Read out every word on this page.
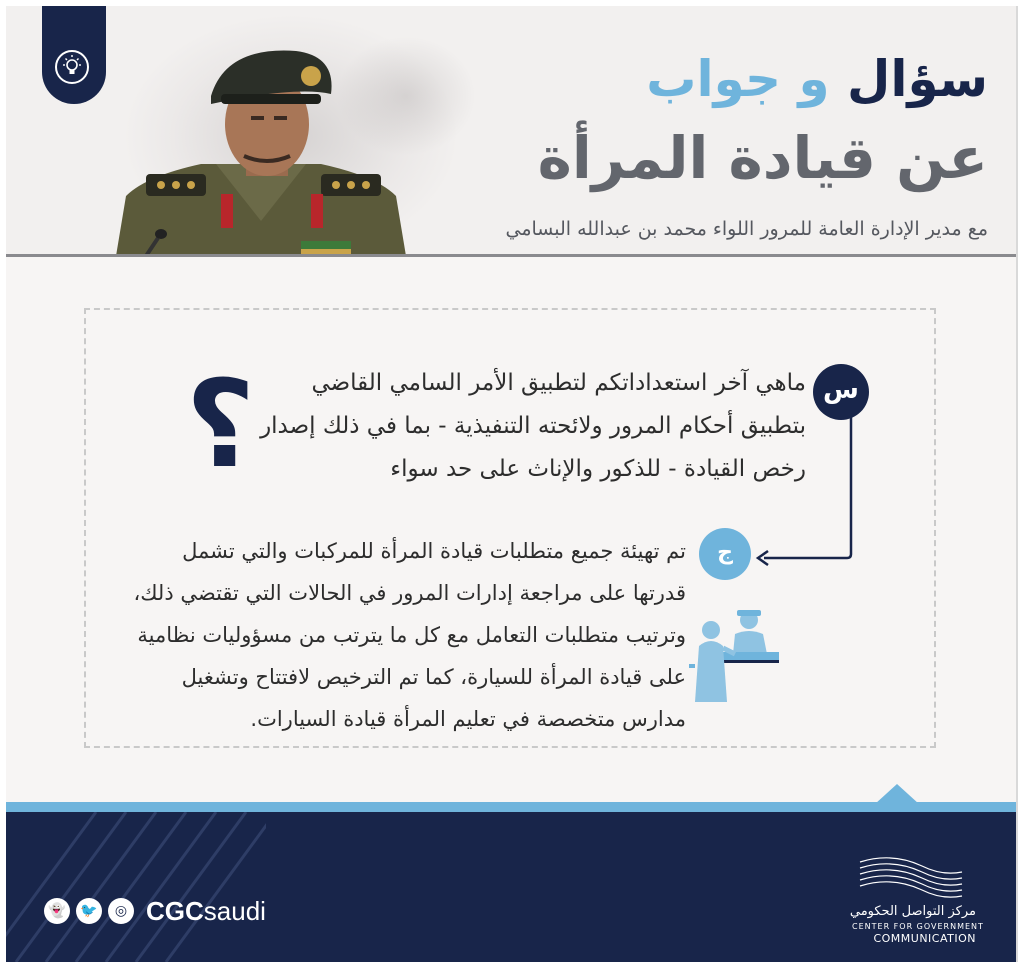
سؤال و جواب
عن قيادة المرأة
مع مدير الإدارة العامة للمرور اللواء محمد بن عبدالله البسامي
س
ج
?	ماهي آخر استعداداتكم لتطبيق الأمر السامي القاضي بتطبيق أحكام المرور ولائحته التنفيذية - بما في ذلك إصدار رخص القيادة - للذكور والإناث على حد سواء
تم تهيئة جميع متطلبات قيادة المرأة للمركبات والتي تشمل قدرتها على مراجعة إدارات المرور في الحالات التي تقتضي ذلك، وترتيب متطلبات التعامل مع كل ما يترتب من مسؤوليات نظامية على قيادة المرأة للسيارة، كما تم الترخيص لافتتاح وتشغيل مدارس متخصصة في تعليم المرأة قيادة السيارات.
مركز التواصل الحكومي
CENTER FOR GOVERNMENT
COMMUNICATION
👻	🐦	◎ CGCsaudi
